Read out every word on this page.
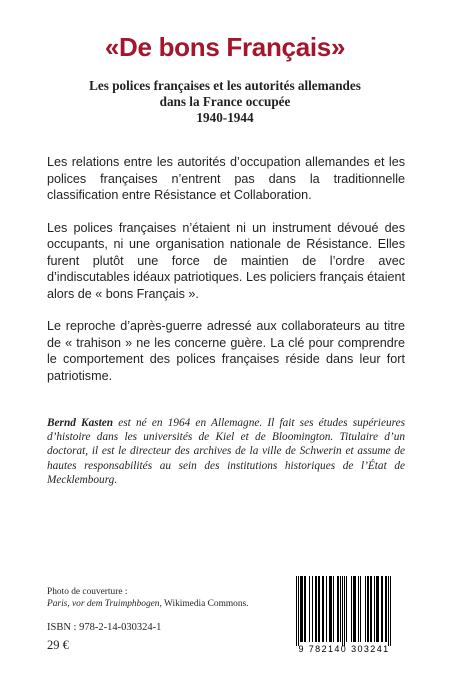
«De bons Français»
Les polices françaises et les autorités allemandes
dans la France occupée
1940-1944

Les relations entre les autorités d’occupation allemandes et les polices françaises n’entrent pas dans la traditionnelle classification entre Résistance et Collaboration.

Les polices françaises n’étaient ni un instrument dévoué des occupants, ni une organisation nationale de Résistance. Elles furent plutôt une force de maintien de l’ordre avec d’indiscutables idéaux patriotiques. Les policiers français étaient alors de « bons Français ».

Le reproche d’après-guerre adressé aux collaborateurs au titre de « trahison » ne les concerne guère. La clé pour comprendre le comportement des polices françaises réside dans leur fort patriotisme.

Bernd Kasten est né en 1964 en Allemagne. Il fait ses études supérieures d’histoire dans les universités de Kiel et de Bloomington. Titulaire d’un doctorat, il est le directeur des archives de la ville de Schwerin et assume de hautes responsabilités au sein des institutions historiques de l’État de Mecklembourg.
Photo de couverture :
Paris, vor dem Truimphbogen, Wikimedia Commons.
ISBN : 978-2-14-030324-1
29 €	9 782140 303241
